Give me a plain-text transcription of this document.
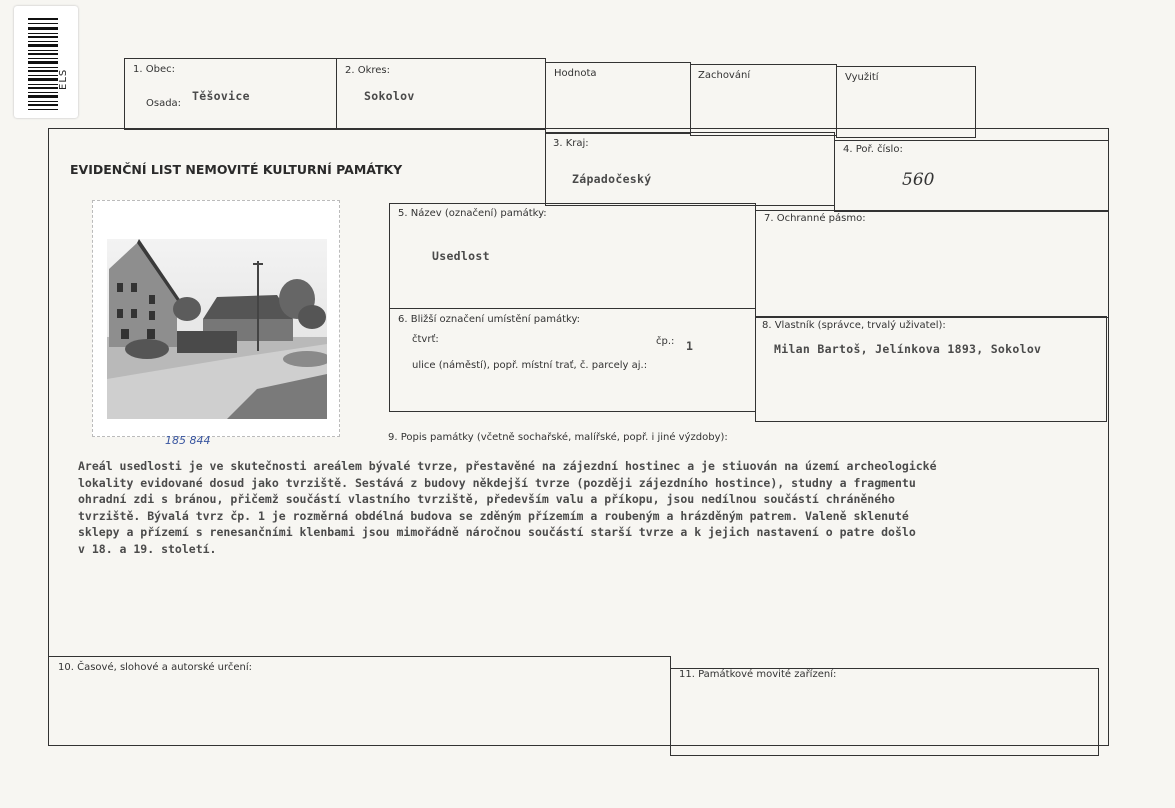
ELS	1. Obec:
Osada:
Těšovice
2. Okres:
Sokolov
Hodnota	Zachování	Využití
EVIDENČNÍ LIST NEMOVITÉ KULTURNÍ PAMÁTKY
3. Kraj:
Západočeský
4. Poř. číslo:
560
185 844
5. Název (označení) památky:
Usedlost
7. Ochranné pásmo:
6. Bližší označení umístění památky:
čtvrť:	čp.: 1
ulice (náměstí), popř. místní trať, č. parcely aj.:
8. Vlastník (správce, trvalý uživatel):
Milan Bartoš, Jelínkova 1893, Sokolov
9. Popis památky (včetně sochařské, malířské, popř. i jiné výzdoby):
Areál usedlosti je ve skutečnosti areálem bývalé tvrze, přestavěné na zájezdní hostinec a je stiuován na území archeologické
lokality evidované dosud jako tvrziště. Sestává z budovy někdejší tvrze (později zájezdního hostince), studny a fragmentu
ohradní zdi s bránou, přičemž součástí vlastního tvrziště, především valu a příkopu, jsou nedílnou součástí chráněného
tvrziště. Bývalá tvrz čp. 1 je rozměrná obdélná budova se zděným přízemím a roubeným a hrázděným patrem. Valeně sklenuté
sklepy a přízemí s renesančními klenbami jsou mimořádně náročnou součástí starší tvrze a k jejich nastavení o patre došlo
v 18. a 19. století.
10. Časové, slohové a autorské určení:
11. Památkové movité zařízení:
